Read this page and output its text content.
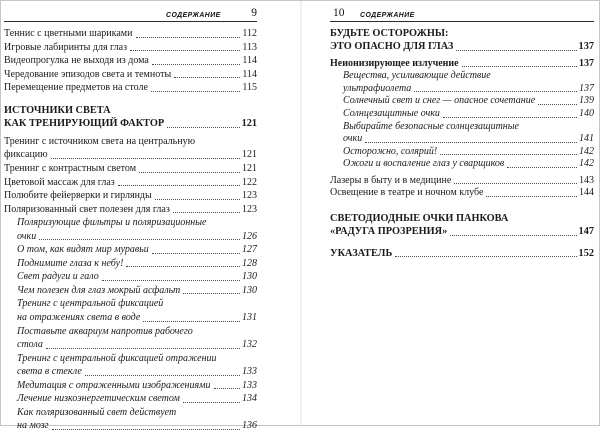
СОДЕРЖАНИЕ	9
Теннис с цветными шариками	112
Игровые лабиринты для глаз	113
Видеопрогулка не выходя из дома	114
Чередование эпизодов света и темноты	114
Перемещение предметов на столе	115
ИСТОЧНИКИ СВЕТА
КАК ТРЕНИРУЮЩИЙ ФАКТОР	121
Тренинг с источником света на центральную
фиксацию	121
Тренинг с контрастным светом	121
Цветовой массаж для глаз	122
Полюбите фейерверки и гирлянды	123
Поляризованный свет полезен для глаз	123
Поляризующие фильтры и поляризационные
очки	126
О том, как видят мир муравьи	127
Поднимите глаза к небу!	128
Свет радуги и гало	130
Чем полезен для глаз мокрый асфальт	130
Тренинг с центральной фиксацией
на отражениях света в воде	131
Поставьте аквариум напротив рабочего
стола	132
Тренинг с центральной фиксацией отражении
света в стекле	133
Медитация с отраженными изображениями	133
Лечение низкоэнергетическим светом	134
Как поляризованный свет действует
на мозг	136
10 СОДЕРЖАНИЕ
БУДЬТЕ ОСТОРОЖНЫ:
ЭТО ОПАСНО ДЛЯ ГЛАЗ	137
Неионизирующее излучение	137
Вещества, усиливающие действие
ультрафиолета	137
Солнечный свет и снег — опасное сочетание	139
Солнцезащитные очки	140
Выбирайте безопасные солнцезащитные
очки	141
Осторожно, солярий!	142
Ожоги и воспаление глаз у сварщиков	142
Лазеры в быту и в медицине	143
Освещение в театре и ночном клубе	144
СВЕТОДИОДНЫЕ ОЧКИ ПАНКОВА
«РАДУГА ПРОЗРЕНИЯ»	147
УКАЗАТЕЛЬ	152
